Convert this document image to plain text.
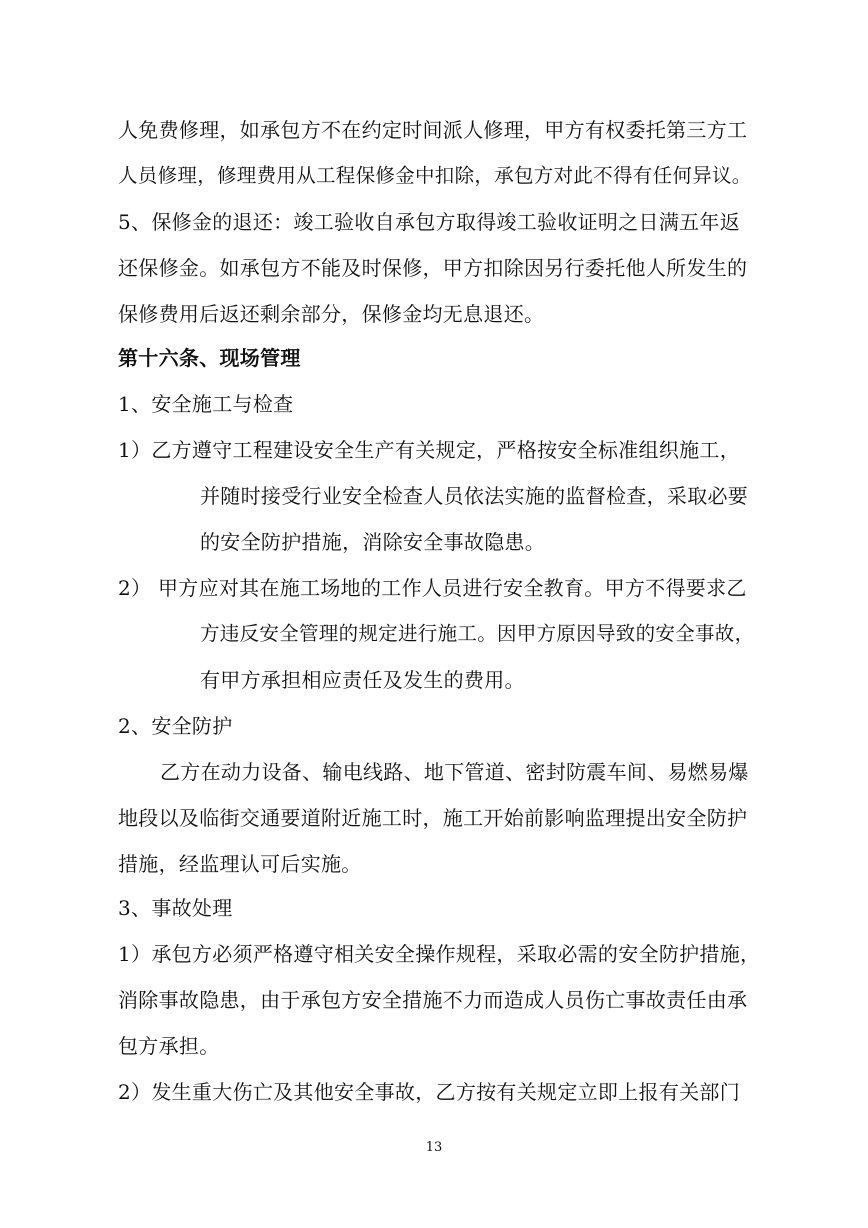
人免费修理，如承包方不在约定时间派人修理，甲方有权委托第三方工
人员修理，修理费用从工程保修金中扣除，承包方对此不得有任何异议。
5、保修金的退还：竣工验收自承包方取得竣工验收证明之日满五年返
还保修金。如承包方不能及时保修，甲方扣除因另行委托他人所发生的
保修费用后返还剩余部分，保修金均无息退还。
第十六条、现场管理
1、安全施工与检查
1）乙方遵守工程建设安全生产有关规定，严格按安全标准组织施工，
并随时接受行业安全检查人员依法实施的监督检查，采取必要
的安全防护措施，消除安全事故隐患。
2） 甲方应对其在施工场地的工作人员进行安全教育。甲方不得要求乙
方违反安全管理的规定进行施工。因甲方原因导致的安全事故，
有甲方承担相应责任及发生的费用。
2、安全防护
乙方在动力设备、输电线路、地下管道、密封防震车间、易燃易爆
地段以及临街交通要道附近施工时，施工开始前影响监理提出安全防护
措施，经监理认可后实施。
3、事故处理
1）承包方必须严格遵守相关安全操作规程，采取必需的安全防护措施，
消除事故隐患，由于承包方安全措施不力而造成人员伤亡事故责任由承
包方承担。
2）发生重大伤亡及其他安全事故，乙方按有关规定立即上报有关部门
13
